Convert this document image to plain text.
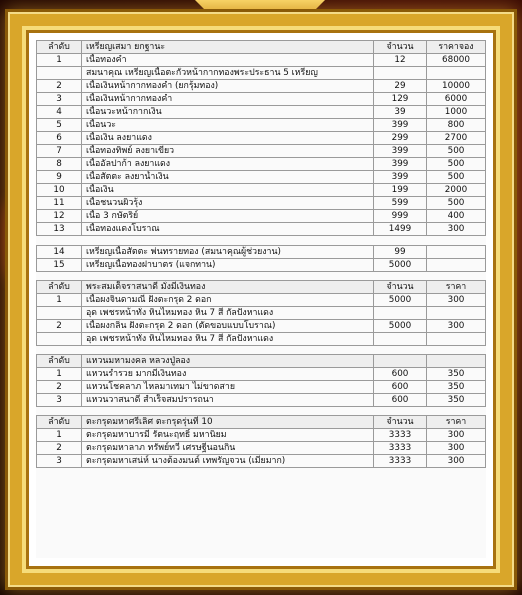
ลำดับ	เหรียญเสมา ยกฐานะ	จำนวน	ราคาจอง
1	เนื้อทองคำ	12	68000
	สมนาคุณ เหรียญเนื้อตะกั่วหน้ากากทองพระประธาน 5 เหรียญ		
2	เนื้อเงินหน้ากากทองคำ (ยกรุ้มทอง)	29	10000
3	เนื้อเงินหน้ากากทองคำ	129	6000
4	เนื้อนวะหน้ากากเงิน	39	1000
5	เนื้อนวะ	399	800
6	เนื้อเงิน ลงยาแดง	299	2700
7	เนื้อทองทิพย์ ลงยาเขียว	399	500
8	เนื้ออัลปาก้า ลงยาแดง	399	500
9	เนื้อสัตตะ ลงยาน้ำเงิน	399	500
10	เนื้อเงิน	199	2000
11	เนื้อชนวนผิวรุ้ง	599	500
12	เนื้อ 3 กษัตริย์	999	400
13	เนื้อทองแดงโบราณ	1499	300

14	เหรียญเนื้อสัตตะ พ่นทรายทอง (สมนาคุณผู้ช่วยงาน)	99	
15	เหรียญเนื้อทองฝาบาตร (แจกทาน)	5000	
ลำดับ	พระสมเด็จราสนาดี มั่งมีเงินทอง	จำนวน	ราคา
1	เนื้อผงจินดามณี ฝังตะกรุด 2 ดอก	5000	300
	อุด เพชรหน้าทั่ง หินไหมทอง หิน 7 สี กัลปังหาแดง		
2	เนื้อผงกลิ่น ฝังตะกรุด 2 ดอก (ตัดขอบแบบโบราณ)	5000	300
	อุด เพชรหน้าทั่ง หินไหมทอง หิน 7 สี กัลปังหาแดง		
ลำดับ	แหวนมหามงคล หลวงปู่ลอง		
1	แหวนร่ำรวย มากมีเงินทอง	600	350
2	แหวนโชคลาภ ไหลมาเทมา ไม่ขาดสาย	600	350
3	แหวนวาสนาดี สำเร็จสมปรารถนา	600	350
ลำดับ	ตะกรุดมหาศรีเลิศ ตะกรุดรุ่นที่ 10	จำนวน	ราคา
1	ตะกรุดมหาบารมี รัตนะฤทธิ์ มหานิยม	3333	300
2	ตะกรุดมหาลาภ ทรัพย์ทวี เศรษฐีนอนกิน	3333	300
3	ตะกรุดมหาเสน่ห์ นางต้องมนต์ เทพรัญจวน (เมียมาก)	3333	300
